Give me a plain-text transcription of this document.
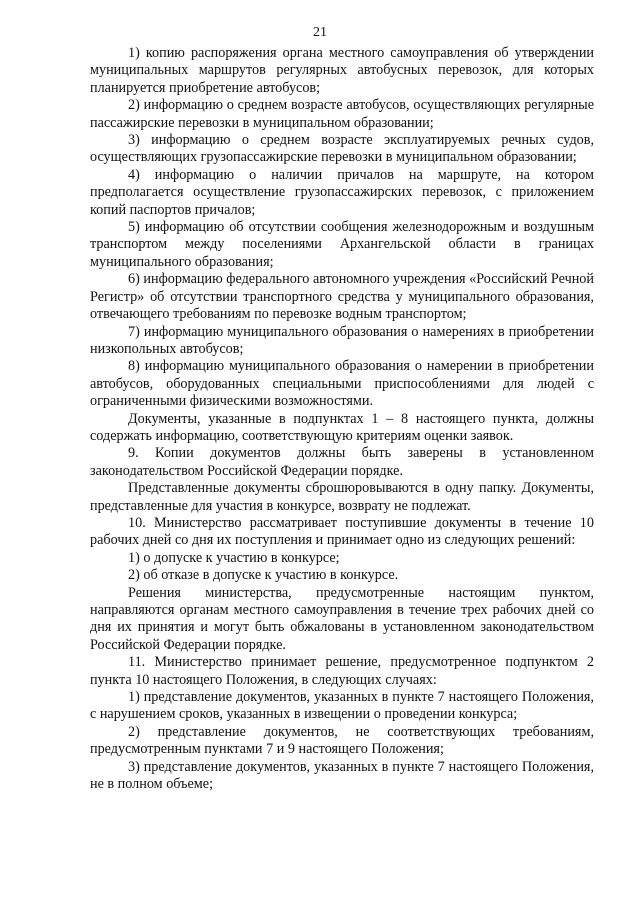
21

1) копию распоряжения органа местного самоуправления об утверждении муниципальных маршрутов регулярных автобусных перевозок, для которых планируется приобретение автобусов;

2) информацию о среднем возрасте автобусов, осуществляющих регулярные пассажирские перевозки в муниципальном образовании;

3) информацию о среднем возрасте эксплуатируемых речных судов, осуществляющих грузопассажирские перевозки в муниципальном образовании;

4) информацию о наличии причалов на маршруте, на котором предполагается осуществление грузопассажирских перевозок, с приложением копий паспортов причалов;

5) информацию об отсутствии сообщения железнодорожным и воздушным транспортом между поселениями Архангельской области в границах муниципального образования;

6) информацию федерального автономного учреждения «Российский Речной Регистр» об отсутствии транспортного средства у муниципального образования, отвечающего требованиям по перевозке водным транспортом;

7) информацию муниципального образования о намерениях в приобретении низкопольных автобусов;

8) информацию муниципального образования о намерении в приобретении автобусов, оборудованных специальными приспособлениями для людей с ограниченными физическими возможностями.

Документы, указанные в подпунктах 1 – 8 настоящего пункта, должны содержать информацию, соответствующую критериям оценки заявок.

9. Копии документов должны быть заверены в установленном законодательством Российской Федерации порядке.

Представленные документы сброшюровываются в одну папку. Документы, представленные для участия в конкурсе, возврату не подлежат.

10. Министерство рассматривает поступившие документы в течение 10 рабочих дней со дня их поступления и принимает одно из следующих решений:

1) о допуске к участию в конкурсе;

2) об отказе в допуске к участию в конкурсе.

Решения министерства, предусмотренные настоящим пунктом, направляются органам местного самоуправления в течение трех рабочих дней со дня их принятия и могут быть обжалованы в установленном законодательством Российской Федерации порядке.

11. Министерство принимает решение, предусмотренное подпунктом 2 пункта 10 настоящего Положения, в следующих случаях:

1) представление документов, указанных в пункте 7 настоящего Положения, с нарушением сроков, указанных в извещении о проведении конкурса;

2) представление документов, не соответствующих требованиям, предусмотренным пунктами 7 и 9 настоящего Положения;

3) представление документов, указанных в пункте 7 настоящего Положения, не в полном объеме;
